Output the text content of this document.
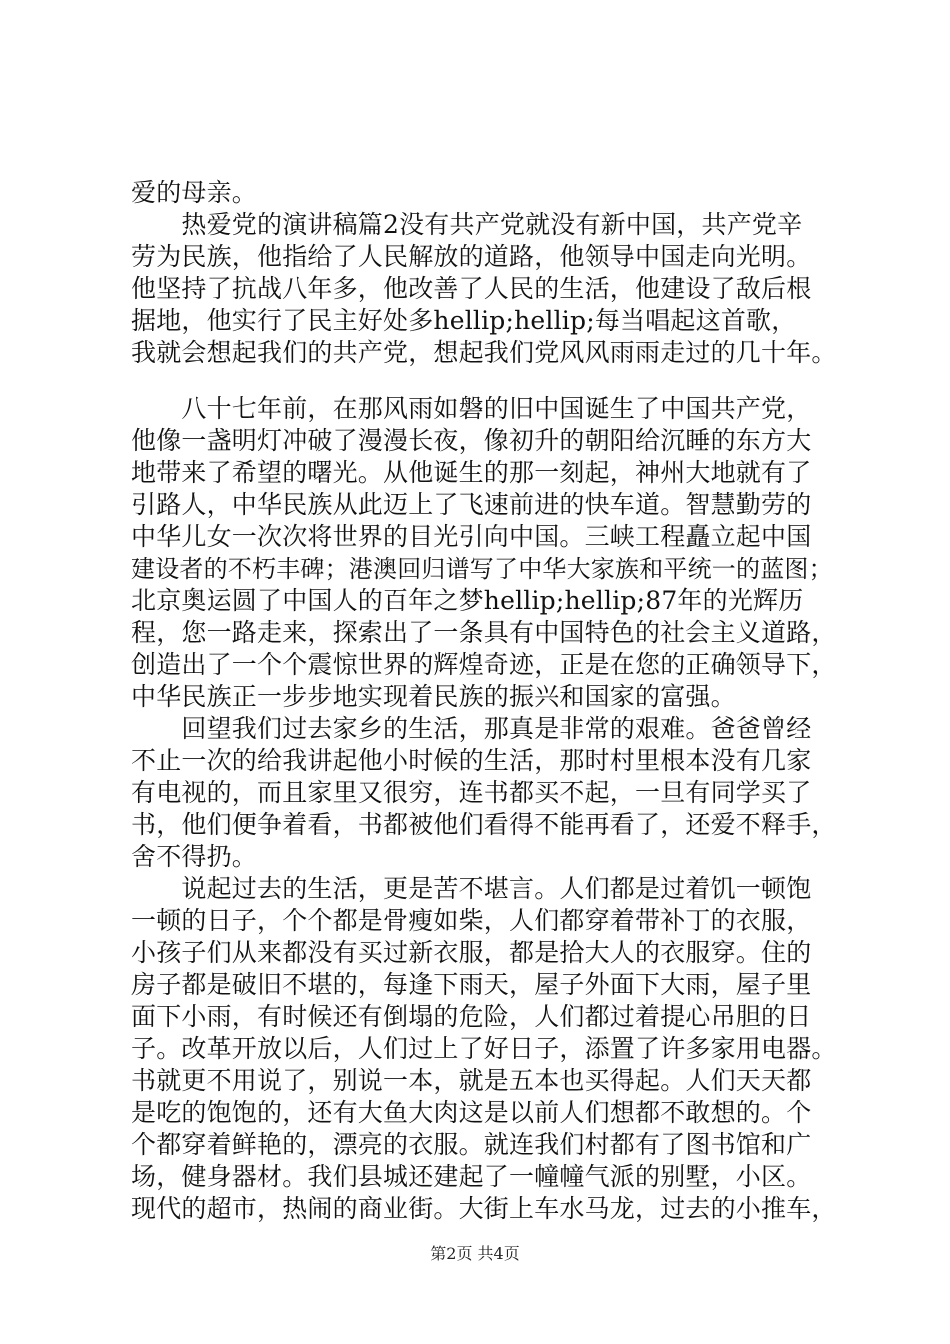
爱的母亲。
　　热爱党的演讲稿篇2没有共产党就没有新中国，共产党辛
劳为民族，他指给了人民解放的道路，他领导中国走向光明。
他坚持了抗战八年多，他改善了人民的生活，他建设了敌后根
据地，他实行了民主好处多hellip;hellip;每当唱起这首歌，
我就会想起我们的共产党，想起我们党风风雨雨走过的几十年。
　　八十七年前，在那风雨如磐的旧中国诞生了中国共产党，
他像一盏明灯冲破了漫漫长夜，像初升的朝阳给沉睡的东方大
地带来了希望的曙光。从他诞生的那一刻起，神州大地就有了
引路人，中华民族从此迈上了飞速前进的快车道。智慧勤劳的
中华儿女一次次将世界的目光引向中国。三峡工程矗立起中国
建设者的不朽丰碑；港澳回归谱写了中华大家族和平统一的蓝图；
北京奥运圆了中国人的百年之梦hellip;hellip;87年的光辉历
程，您一路走来，探索出了一条具有中国特色的社会主义道路，
创造出了一个个震惊世界的辉煌奇迹，正是在您的正确领导下，
中华民族正一步步地实现着民族的振兴和国家的富强。
　　回望我们过去家乡的生活，那真是非常的艰难。爸爸曾经
不止一次的给我讲起他小时候的生活，那时村里根本没有几家
有电视的，而且家里又很穷，连书都买不起，一旦有同学买了
书，他们便争着看，书都被他们看得不能再看了，还爱不释手，
舍不得扔。
　　说起过去的生活，更是苦不堪言。人们都是过着饥一顿饱
一顿的日子，个个都是骨瘦如柴，人们都穿着带补丁的衣服，
小孩子们从来都没有买过新衣服，都是拾大人的衣服穿。住的
房子都是破旧不堪的，每逢下雨天，屋子外面下大雨，屋子里
面下小雨，有时候还有倒塌的危险，人们都过着提心吊胆的日
子。改革开放以后，人们过上了好日子，添置了许多家用电器。
书就更不用说了，别说一本，就是五本也买得起。人们天天都
是吃的饱饱的，还有大鱼大肉这是以前人们想都不敢想的。个
个都穿着鲜艳的，漂亮的衣服。就连我们村都有了图书馆和广
场，健身器材。我们县城还建起了一幢幢气派的别墅，小区。
现代的超市，热闹的商业街。大街上车水马龙，过去的小推车，
第2页 共4页
